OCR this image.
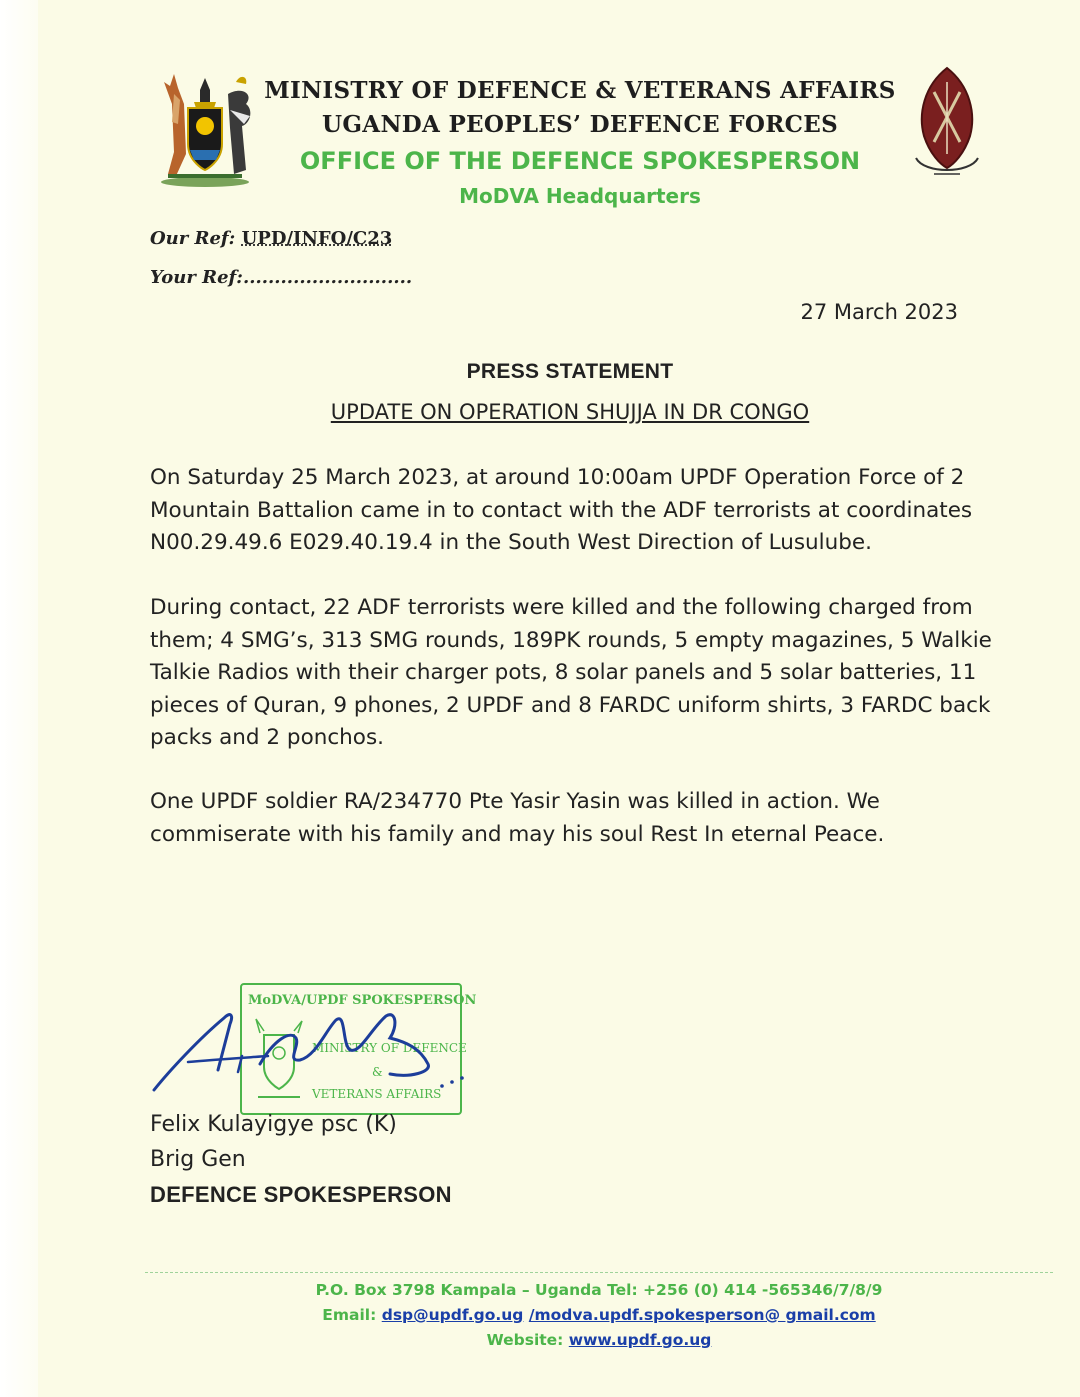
MINISTRY OF DEFENCE & VETERANS AFFAIRS
UGANDA PEOPLES’ DEFENCE FORCES
OFFICE OF THE DEFENCE SPOKESPERSON
MoDVA Headquarters
Our Ref: UPD/INFO/C23
Your Ref:...........................
27 March 2023
PRESS STATEMENT
UPDATE ON OPERATION SHUJJA IN DR CONGO

On Saturday 25 March 2023, at around 10:00am UPDF Operation Force of 2 Mountain Battalion came in to contact with the ADF terrorists at coordinates N00.29.49.6 E029.40.19.4 in the South West Direction of Lusulube.

During contact, 22 ADF terrorists were killed and the following charged from them; 4 SMG’s, 313 SMG rounds, 189PK rounds, 5 empty magazines, 5 Walkie Talkie Radios with their charger pots, 8 solar panels and 5 solar batteries, 11 pieces of Quran, 9 phones, 2 UPDF and 8 FARDC uniform shirts, 3 FARDC back packs and 2 ponchos.

One UPDF soldier RA/234770 Pte Yasir Yasin was killed in action. We commiserate with his family and may his soul Rest In eternal Peace.

MoDVA/UPDF SPOKESPERSON
MINISTRY OF DEFENCE
&
VETERANS AFFAIRS
Felix Kulayigye psc (K)
Brig Gen
DEFENCE SPOKESPERSON
P.O. Box 3798 Kampala – Uganda Tel: +256 (0) 414 -565346/7/8/9
Email: dsp@updf.go.ug /modva.updf.spokesperson@ gmail.com
Website: www.updf.go.ug
